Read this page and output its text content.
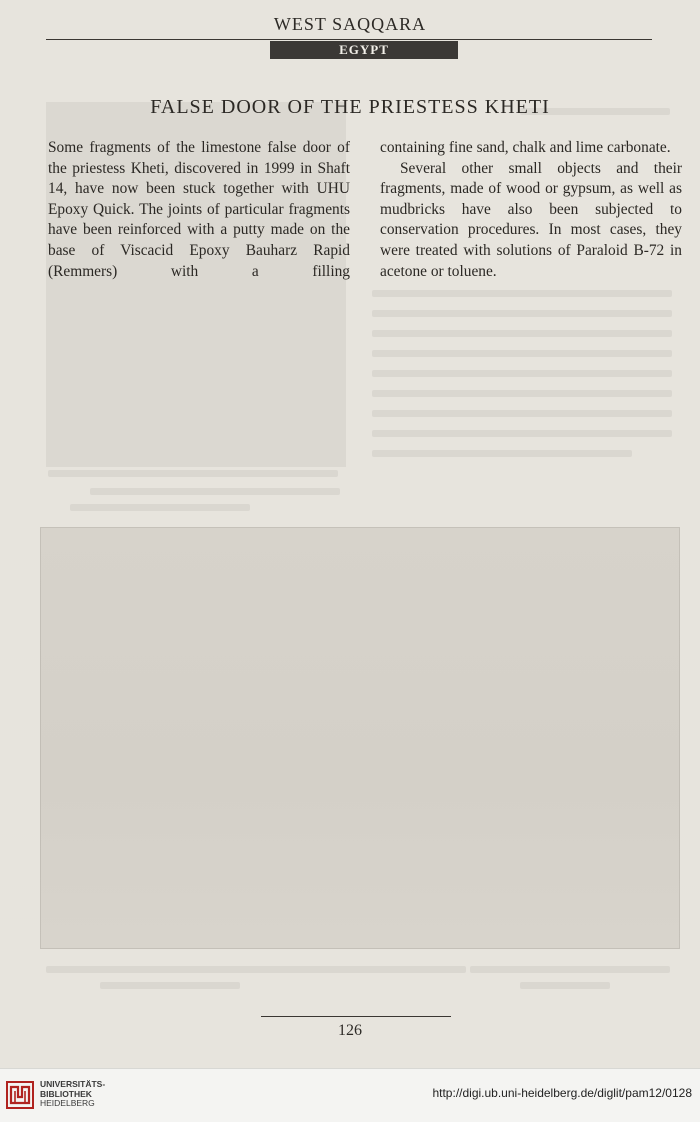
WEST SAQQARA
EGYPT
FALSE DOOR OF THE PRIESTESS KHETI

Some fragments of the limestone false door of the priestess Kheti, discovered in 1999 in Shaft 14, have now been stuck together with UHU Epoxy Quick. The joints of particular fragments have been reinforced with a putty made on the base of Viscacid Epoxy Bauharz Rapid (Remmers) with a filling

containing fine sand, chalk and lime carbonate.

Several other small objects and their fragments, made of wood or gypsum, as well as mudbricks have also been subjected to conservation procedures. In most cases, they were treated with solutions of Paraloid B-72 in acetone or toluene.

126
UNIVERSITÄTS-
BIBLIOTHEK
HEIDELBERG
http://digi.ub.uni-heidelberg.de/diglit/pam12/0128
